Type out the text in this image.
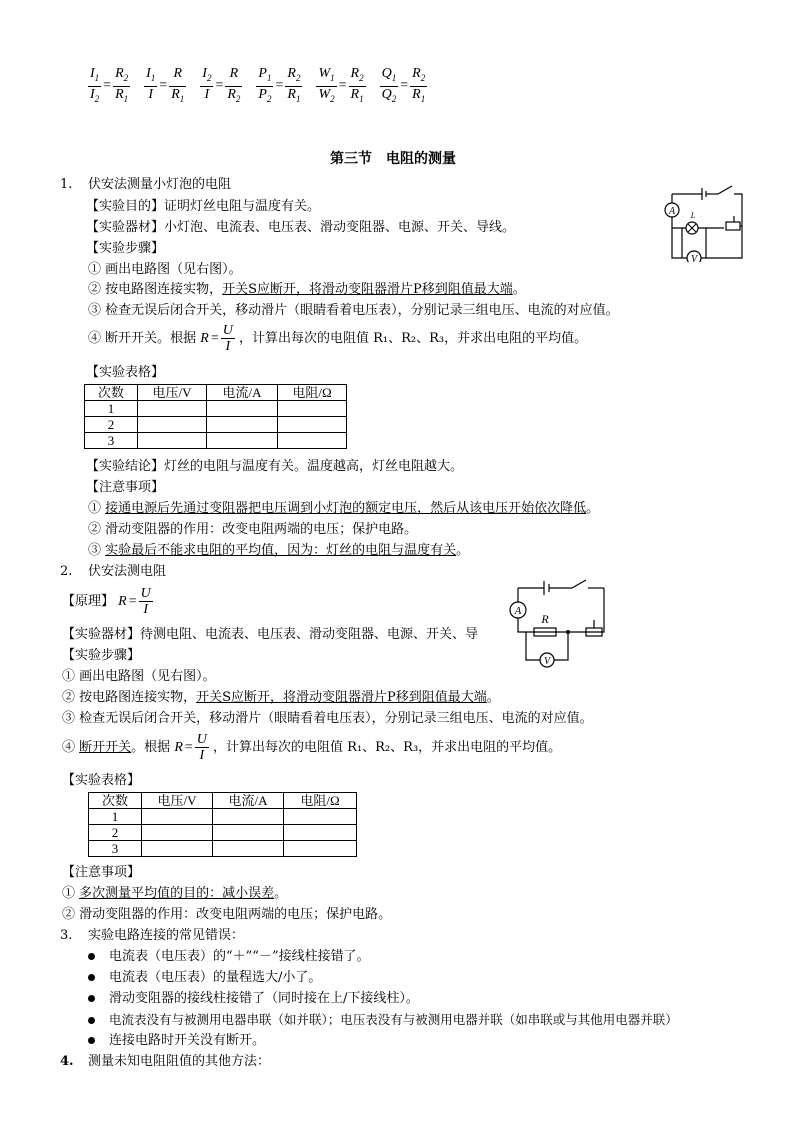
$\frac{I_1}{I_2} = \frac{R_2}{R_1} \frac{I_1}{I} = \frac{R}{R_1} \frac{I_2}{I} = \frac{R}{R_2} \frac{P_1}{P_2} = \frac{R_2}{R_1} \frac{W_1}{W_2} = \frac{R_2}{R_1} \frac{Q_1}{Q_2} = \frac{R_2}{R_1}$
第三节　电阻的测量
1. 伏安法测量小灯泡的电阻
【实验目的】证明灯丝电阻与温度有关。
【实验器材】小灯泡、电流表、电压表、滑动变阻器、电源、开关、导线。
【实验步骤】
① 画出电路图（见右图）。
② 按电路图连接实物，开关S应断开，将滑动变阻器滑片P移到阻值最大端。
③ 检查无误后闭合开关，移动滑片（眼睛看着电压表），分别记录三组电压、电流的对应值。
④ 断开开关。根据 $R = \frac{U}{I}$ ，计算出每次的电阻值 R₁、R₂、R₃，并求出电阻的平均值。
【实验表格】
次数	电压/V	电流/A	电阻/Ω
1			
2			
3			
【实验结论】灯丝的电阻与温度有关。温度越高，灯丝电阻越大。
【注意事项】
① 接通电源后先通过变阻器把电压调到小灯泡的额定电压，然后从该电压开始依次降低。
② 滑动变阻器的作用：改变电阻两端的电压；保护电路。
③ 实验最后不能求电阻的平均值，因为：灯丝的电阻与温度有关。
A L
V
2. 伏安法测电阻
【原理】 $R = \frac{U}{I}$
【实验器材】待测电阻、电流表、电压表、滑动变阻器、电源、开关、导
【实验步骤】
① 画出电路图（见右图）。
② 按电路图连接实物，开关S应断开，将滑动变阻器滑片P移到阻值最大端。
③ 检查无误后闭合开关，移动滑片（眼睛看着电压表），分别记录三组电压、电流的对应值。
④ 断开开关。根据 $R = \frac{U}{I}$ ，计算出每次的电阻值 R₁、R₂、R₃，并求出电阻的平均值。
【实验表格】
次数	电压/V	电流/A	电阻/Ω
1			
2			
3			
【注意事项】
① 多次测量平均值的目的：减小误差。
② 滑动变阻器的作用：改变电阻两端的电压；保护电路。
A
R
V
3. 实验电路连接的常见错误：
电流表（电压表）的“＋”“－”接线柱接错了。
电流表（电压表）的量程选大/小了。
滑动变阻器的接线柱接错了（同时接在上/下接线柱）。
电流表没有与被测用电器串联（如并联）；电压表没有与被测用电器并联（如串联或与其他用电器并联）
连接电路时开关没有断开。
4. 测量未知电阻阻值的其他方法：
